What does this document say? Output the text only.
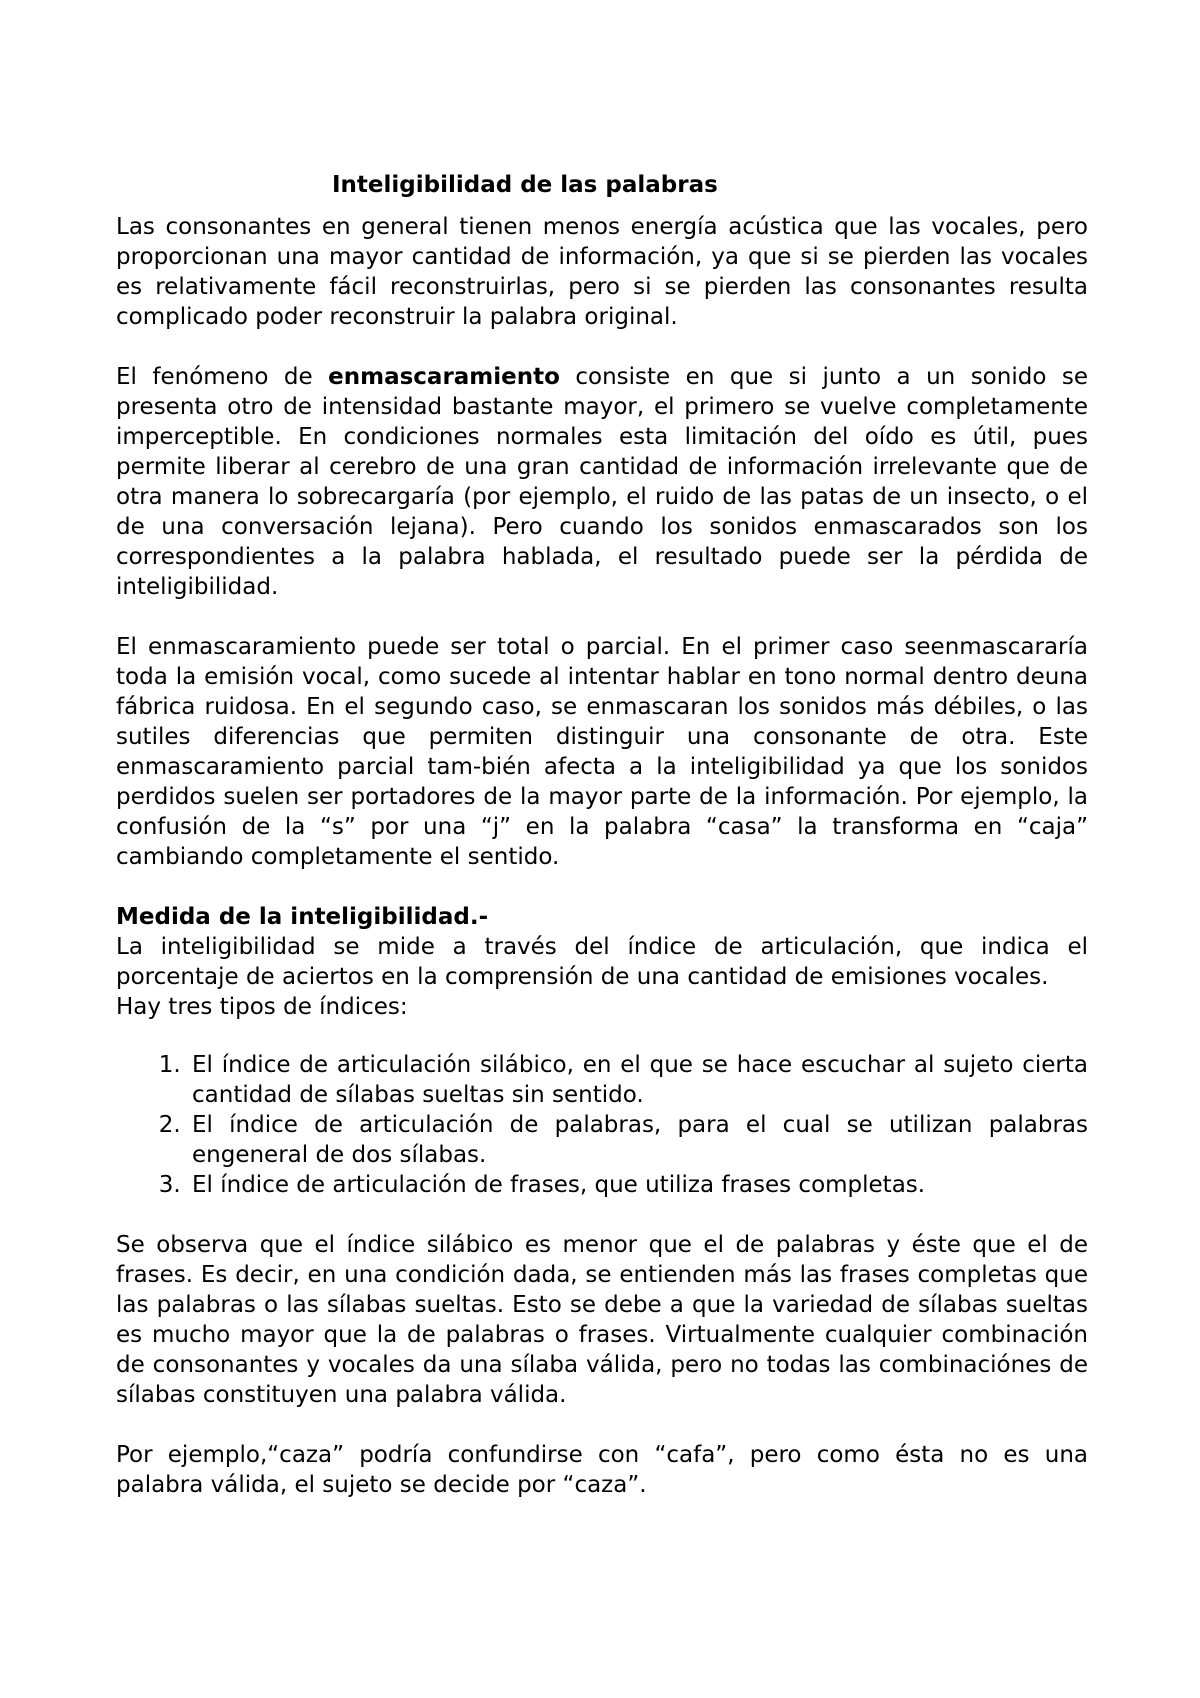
Inteligibilidad de las palabras

Las consonantes en general tienen menos energía acústica que las vocales, pero proporcionan una mayor cantidad de información, ya que si se pierden las vocales es relativamente fácil reconstruirlas, pero si se pierden las consonantes resulta complicado poder reconstruir la palabra original.

El fenómeno de enmascaramiento consiste en que si junto a un sonido se presenta otro de intensidad bastante mayor, el primero se vuelve completamente imperceptible. En condiciones normales esta limitación del oído es útil, pues permite liberar al cerebro de una gran cantidad de información irrelevante que de otra manera lo sobrecargaría (por ejemplo, el ruido de las patas de un insecto, o el de una conversación lejana). Pero cuando los sonidos enmascarados son los correspondientes a la palabra hablada, el resultado puede ser la pérdida de inteligibilidad.

El enmascaramiento puede ser total o parcial. En el primer caso seenmascararía toda la emisión vocal, como sucede al intentar hablar en tono normal dentro deuna fábrica ruidosa. En el segundo caso, se enmascaran los sonidos más débiles, o las sutiles diferencias que permiten distinguir una consonante de otra. Este enmascaramiento parcial tam-bién afecta a la inteligibilidad ya que los sonidos perdidos suelen ser portadores de la mayor parte de la información. Por ejemplo, la confusión de la “s” por una “j” en la palabra “casa” la transforma en “caja” cambiando completamente el sentido.

Medida de la inteligibilidad.-

La inteligibilidad se mide a través del índice de articulación, que indica el porcentaje de aciertos en la comprensión de una cantidad de emisiones vocales.

Hay tres tipos de índices:

1. El índice de articulación silábico, en el que se hace escuchar al sujeto cierta cantidad de sílabas sueltas sin sentido.
2. El índice de articulación de palabras, para el cual se utilizan palabras engeneral de dos sílabas.
3. El índice de articulación de frases, que utiliza frases completas.

Se observa que el índice silábico es menor que el de palabras y éste que el de frases. Es decir, en una condición dada, se entienden más las frases completas que las palabras o las sílabas sueltas. Esto se debe a que la variedad de sílabas sueltas es mucho mayor que la de palabras o frases. Virtualmente cualquier combinación de consonantes y vocales da una sílaba válida, pero no todas las combinaciónes de sílabas constituyen una palabra válida.

Por ejemplo,“caza” podría confundirse con “cafa”, pero como ésta no es una palabra válida, el sujeto se decide por “caza”.
